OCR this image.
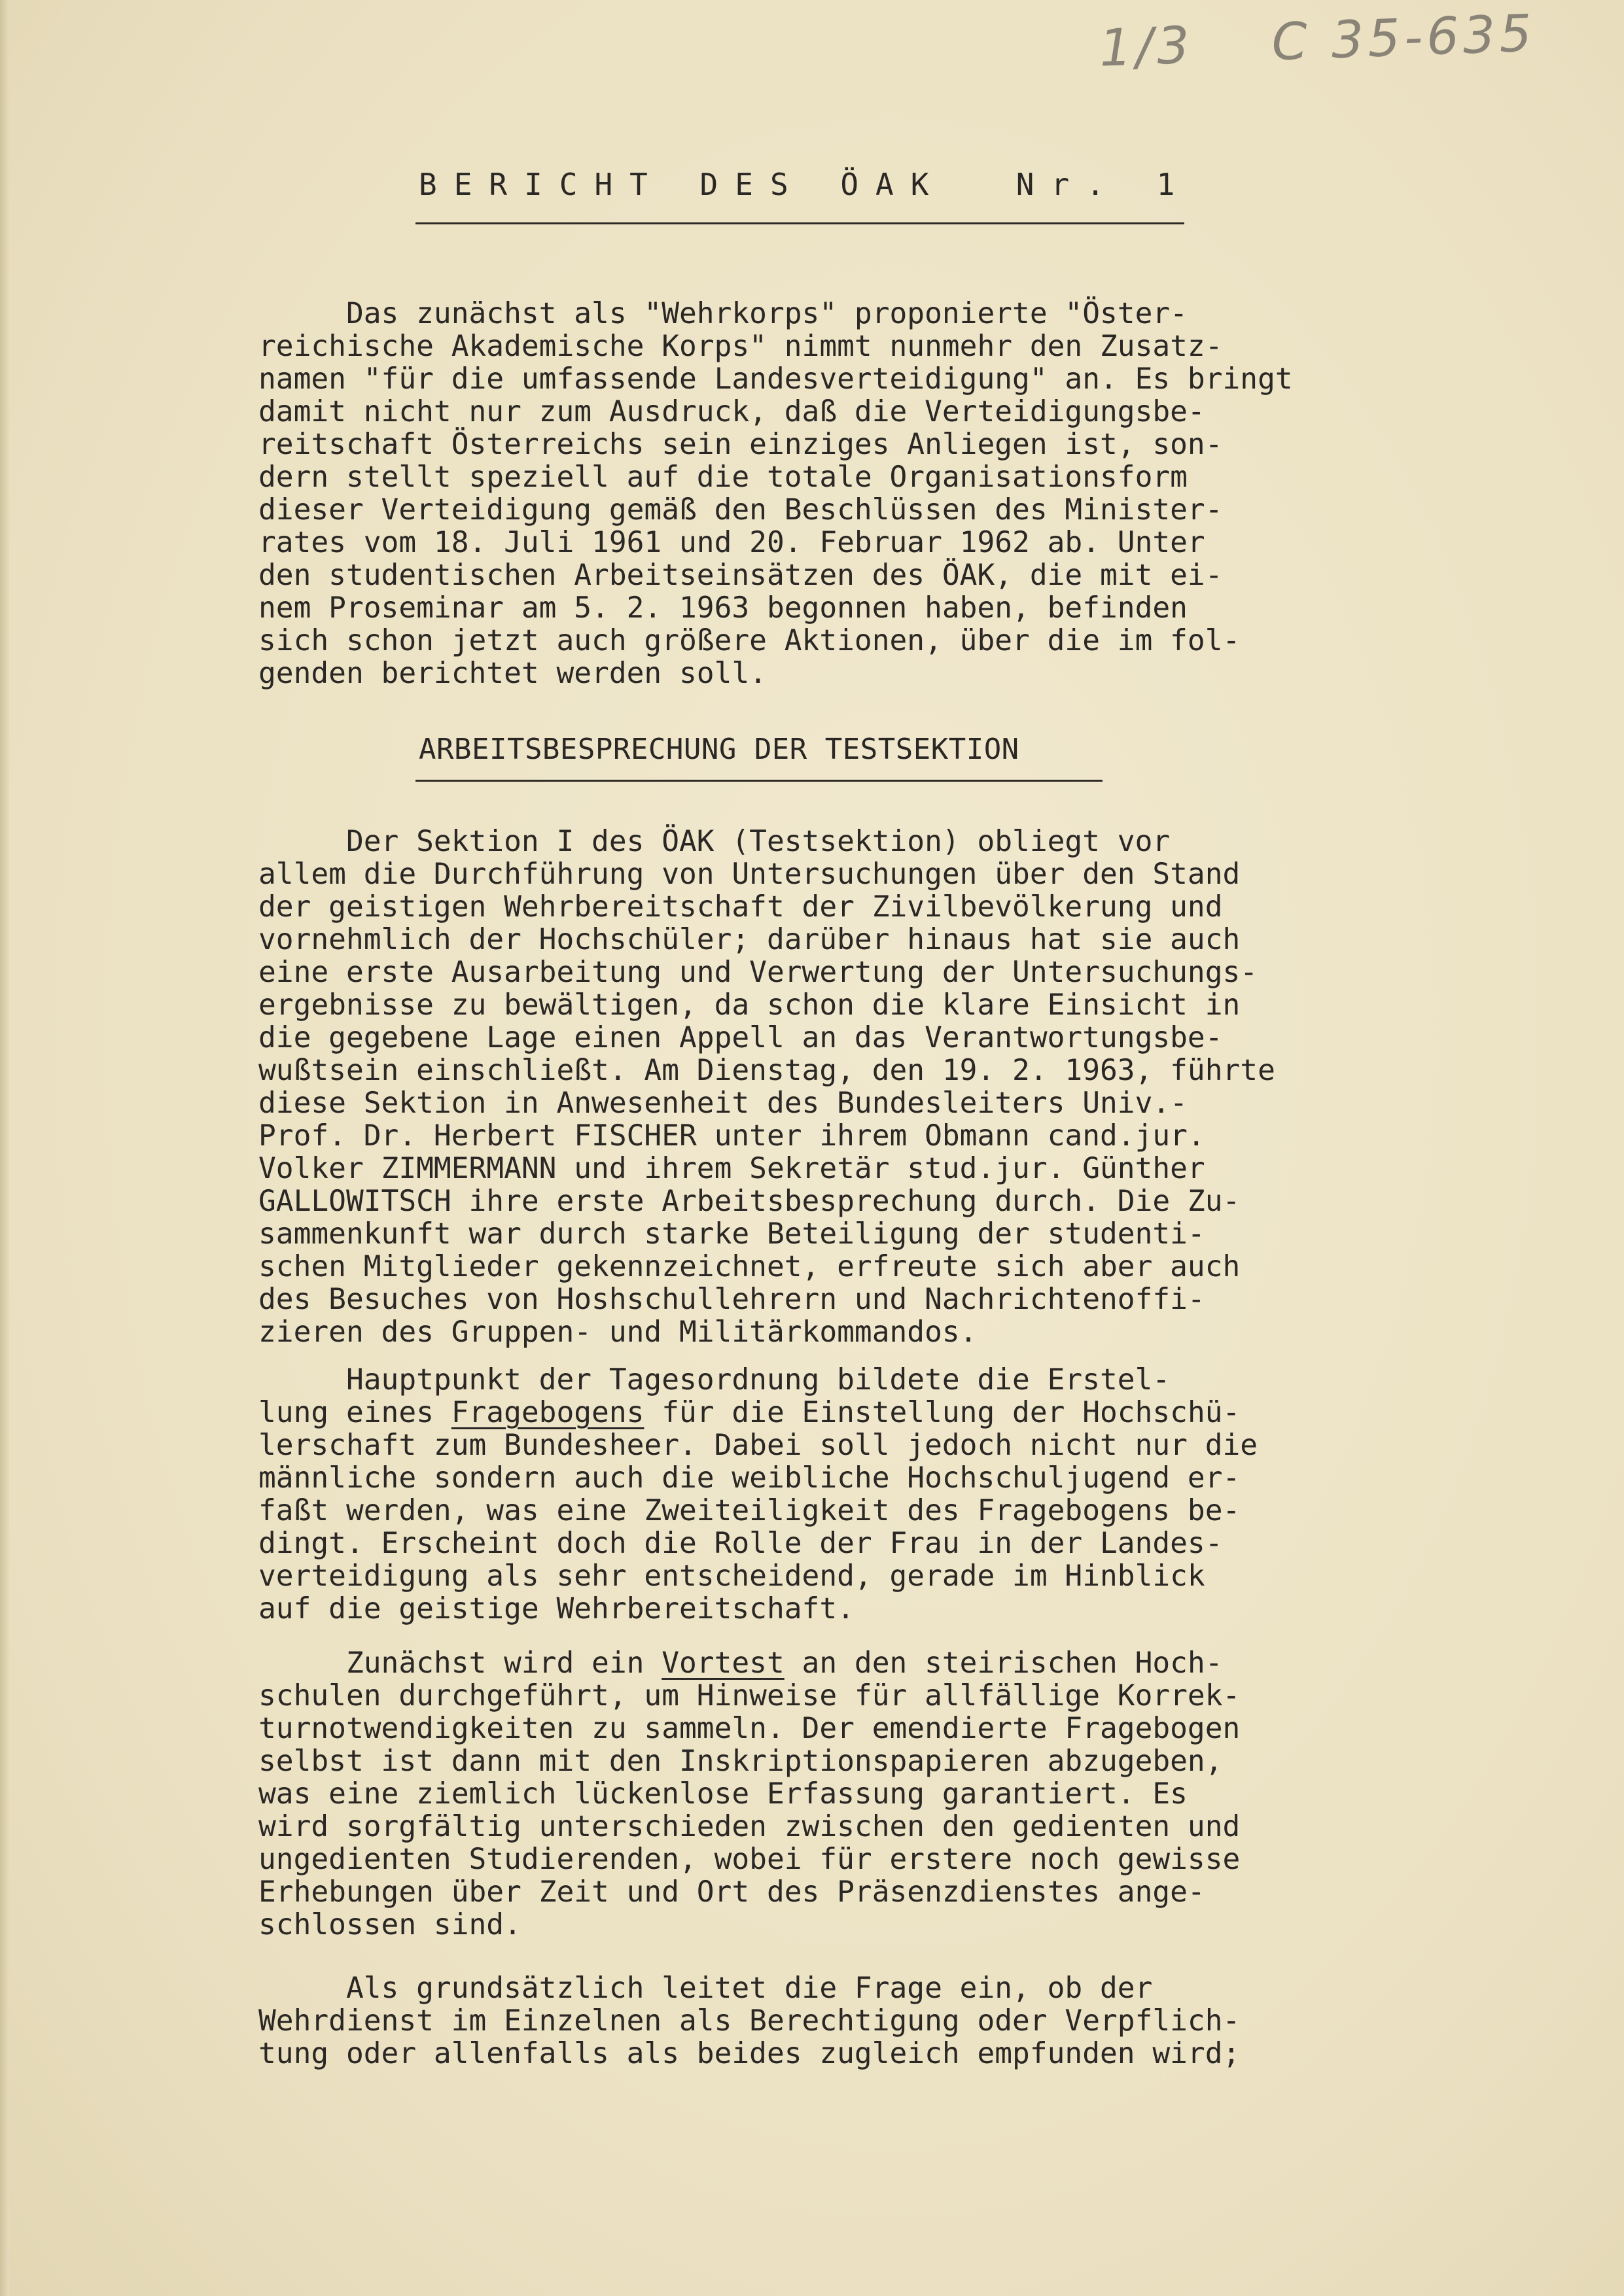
1/3 C 35-635
BERICHT DES ÖAK  Nr. 1
Das zunächst als "Wehrkorps" proponierte "Öster-
reichische Akademische Korps" nimmt nunmehr den Zusatz-
namen "für die umfassende Landesverteidigung" an. Es bringt
damit nicht nur zum Ausdruck, daß die Verteidigungsbe-
reitschaft Österreichs sein einziges Anliegen ist, son-
dern stellt speziell auf die totale Organisationsform
dieser Verteidigung gemäß den Beschlüssen des Minister-
rates vom 18. Juli 1961 und 20. Februar 1962 ab. Unter
den studentischen Arbeitseinsätzen des ÖAK, die mit ei-
nem Proseminar am 5. 2. 1963 begonnen haben, befinden
sich schon jetzt auch größere Aktionen, über die im fol-
genden berichtet werden soll.
ARBEITSBESPRECHUNG DER TESTSEKTION
Der Sektion I des ÖAK (Testsektion) obliegt vor
allem die Durchführung von Untersuchungen über den Stand
der geistigen Wehrbereitschaft der Zivilbevölkerung und
vornehmlich der Hochschüler; darüber hinaus hat sie auch
eine erste Ausarbeitung und Verwertung der Untersuchungs-
ergebnisse zu bewältigen, da schon die klare Einsicht in
die gegebene Lage einen Appell an das Verantwortungsbe-
wußtsein einschließt. Am Dienstag, den 19. 2. 1963, führte
diese Sektion in Anwesenheit des Bundesleiters Univ.-
Prof. Dr. Herbert FISCHER unter ihrem Obmann cand.jur.
Volker ZIMMERMANN und ihrem Sekretär stud.jur. Günther
GALLOWITSCH ihre erste Arbeitsbesprechung durch. Die Zu-
sammenkunft war durch starke Beteiligung der studenti-
schen Mitglieder gekennzeichnet, erfreute sich aber auch
des Besuches von Hoshschullehrern und Nachrichtenoffi-
zieren des Gruppen- und Militärkommandos.
Hauptpunkt der Tagesordnung bildete die Erstel-
lung eines Fragebogens für die Einstellung der Hochschü-
lerschaft zum Bundesheer. Dabei soll jedoch nicht nur die
männliche sondern auch die weibliche Hochschuljugend er-
faßt werden, was eine Zweiteiligkeit des Fragebogens be-
dingt. Erscheint doch die Rolle der Frau in der Landes-
verteidigung als sehr entscheidend, gerade im Hinblick
auf die geistige Wehrbereitschaft.
Zunächst wird ein Vortest an den steirischen Hoch-
schulen durchgeführt, um Hinweise für allfällige Korrek-
turnotwendigkeiten zu sammeln. Der emendierte Fragebogen
selbst ist dann mit den Inskriptionspapieren abzugeben,
was eine ziemlich lückenlose Erfassung garantiert. Es
wird sorgfältig unterschieden zwischen den gedienten und
ungedienten Studierenden, wobei für erstere noch gewisse
Erhebungen über Zeit und Ort des Präsenzdienstes ange-
schlossen sind.
Als grundsätzlich leitet die Frage ein, ob der
Wehrdienst im Einzelnen als Berechtigung oder Verpflich-
tung oder allenfalls als beides zugleich empfunden wird;
